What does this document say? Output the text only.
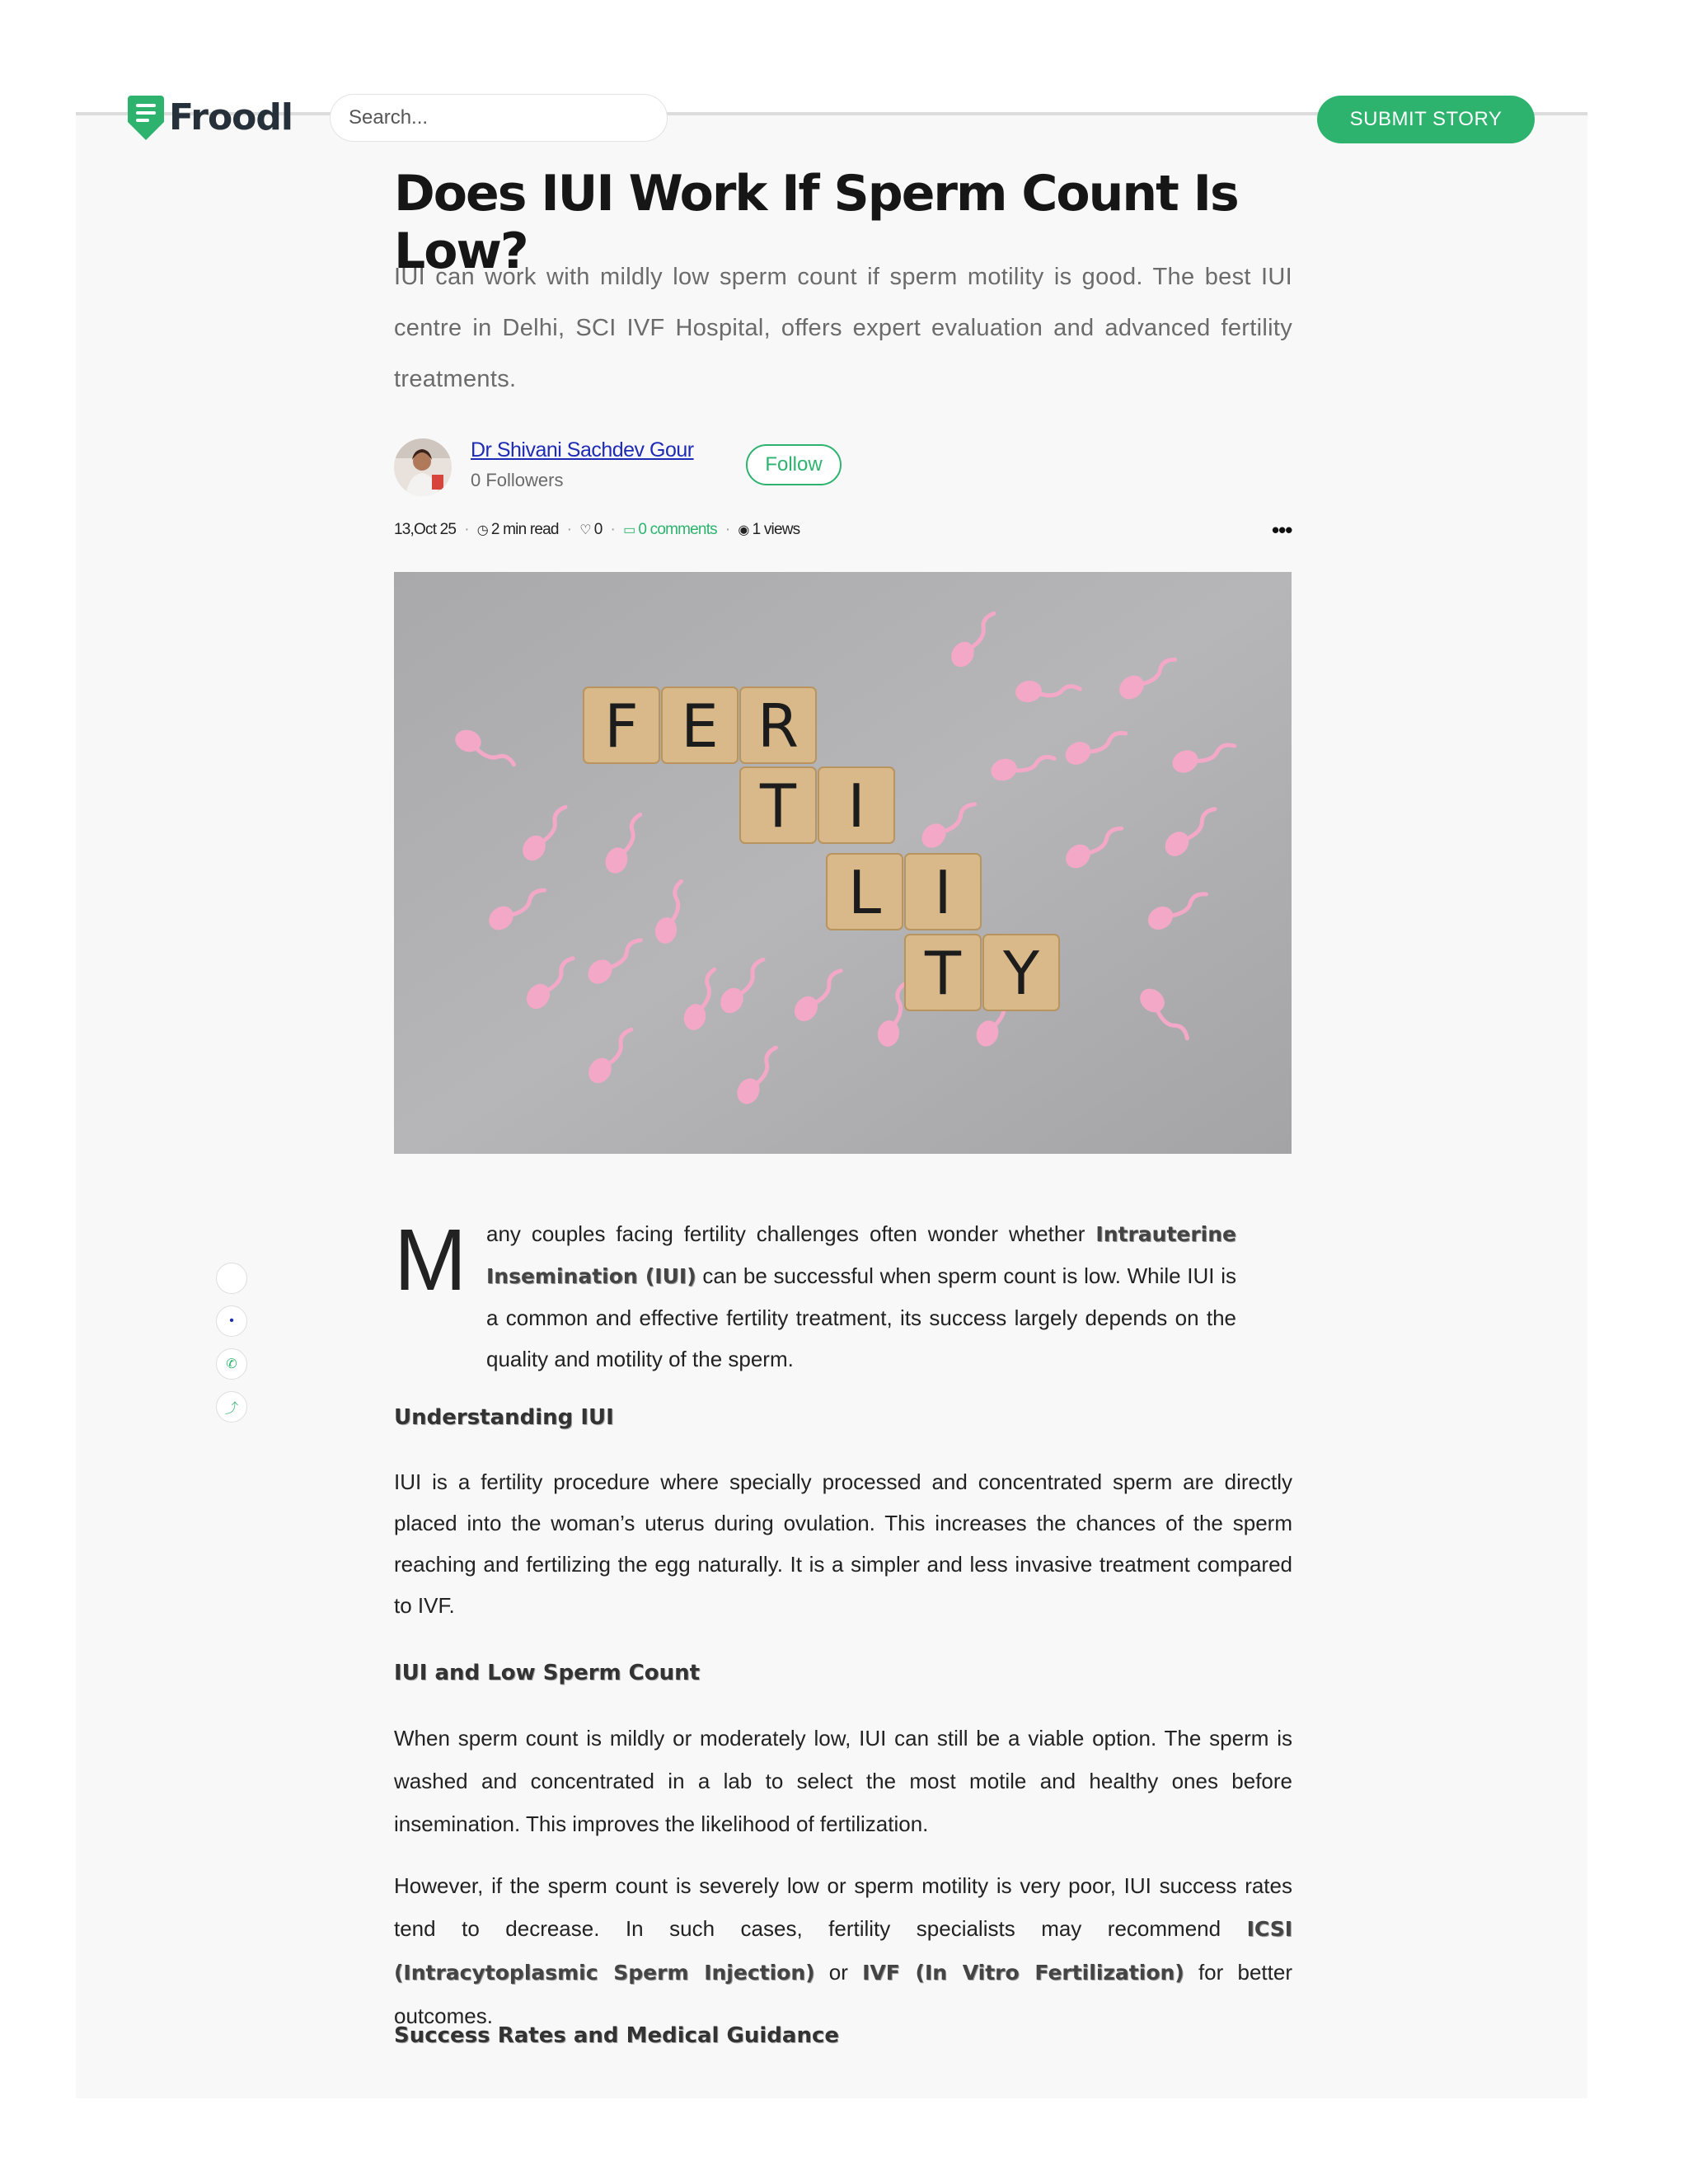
Froodl
Search...	SUBMIT STORY
Does IUI Work If Sperm Count Is Low?

IUI can work with mildly low sperm count if sperm motility is good. The best IUI centre in Delhi, SCI IVF Hospital, offers expert evaluation and advanced fertility treatments.

Dr Shivani Sachdev Gour
0 Followers
Follow
13,Oct 25 · ◷ 2 min read · ♡ 0 · ▭ 0 comments · ◉ 1 views	•••
F E R
T I
L I
T Y
•
✆
⤴
M any couples facing fertility challenges often wonder whether Intrauterine Insemination (IUI) can be successful when sperm count is low. While IUI is a common and effective fertility treatment, its success largely depends on the quality and motility of the sperm.

Understanding IUI

IUI is a fertility procedure where specially processed and concentrated sperm are directly placed into the woman’s uterus during ovulation. This increases the chances of the sperm reaching and fertilizing the egg naturally. It is a simpler and less invasive treatment compared to IVF.

IUI and Low Sperm Count

When sperm count is mildly or moderately low, IUI can still be a viable option. The sperm is washed and concentrated in a lab to select the most motile and healthy ones before insemination. This improves the likelihood of fertilization.

However, if the sperm count is severely low or sperm motility is very poor, IUI success rates tend to decrease. In such cases, fertility specialists may recommend ICSI (Intracytoplasmic Sperm Injection) or IVF (In Vitro Fertilization) for better outcomes.

Success Rates and Medical Guidance
